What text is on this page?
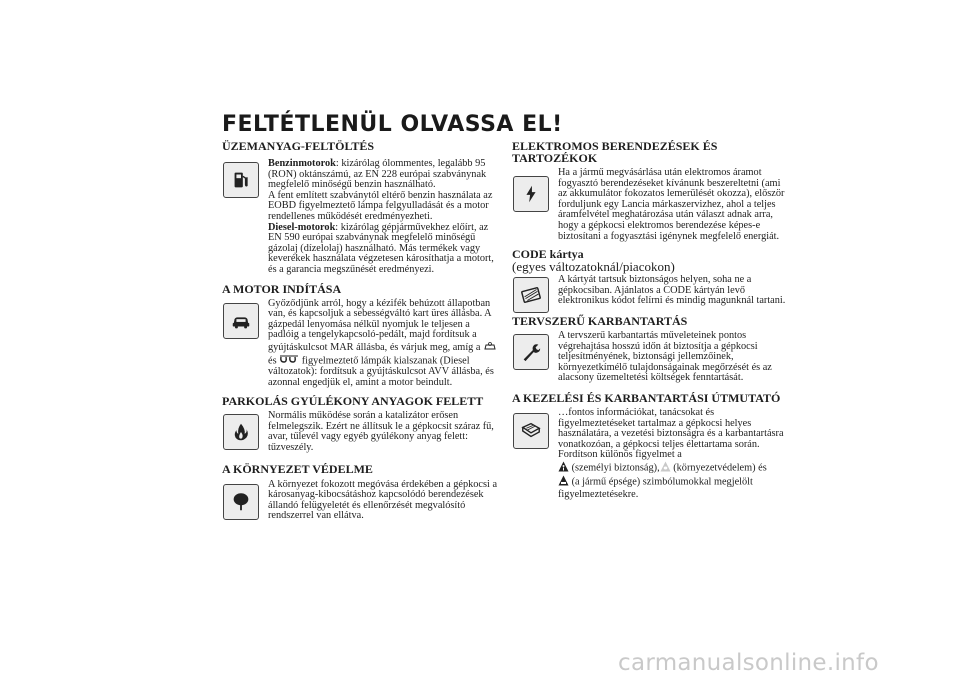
FELTÉTLENÜL OLVASSA EL!

ÜZEMANYAG-FELTÖLTÉS

Benzinmotorok: kizárólag ólommentes, legalább 95 (RON) oktánszámú, az EN 228 európai szabványnak megfelelő minőségű benzin használható.
A fent említett szabványtól eltérő benzin használata az EOBD figyelmeztető lámpa felgyulladását és a motor rendellenes működését eredményezheti.
Diesel-motorok: kizárólag gépjárművekhez előírt, az EN 590 európai szabványnak megfelelő minőségű gázolaj (dízelolaj) használható. Más termékek vagy keverékek használata végzetesen károsíthatja a motort, és a garancia megszűnését eredményezi.

A MOTOR INDÍTÁSA

Győződjünk arról, hogy a kézifék behúzott állapotban van, és kapcsoljuk a sebességváltó kart üres állásba. A gázpedál lenyomása nélkül nyomjuk le teljesen a padlóig a tengelykapcsoló-pedált, majd fordítsuk a gyújtáskulcsot MAR állásba, és várjuk meg, amíg a  és figyelmeztető lámpák kialszanak (Diesel változatok): fordítsuk a gyújtáskulcsot AVV állásba, és azonnal engedjük el, amint a motor beindult.

PARKOLÁS GYÚLÉKONY ANYAGOK FELETT

Normális működése során a katalizátor erősen felmelegszik. Ezért ne állítsuk le a gépkocsit száraz fű, avar, tűlevél vagy egyéb gyúlékony anyag felett: tűzveszély.

A KÖRNYEZET VÉDELME

A környezet fokozott megóvása érdekében a gépkocsi a károsanyag-kibocsátáshoz kapcsolódó berendezések állandó felügyeletét és ellenőrzését megvalósító rendszerrel van ellátva.

ELEKTROMOS BERENDEZÉSEK ÉS TARTOZÉKOK

Ha a jármű megvásárlása után elektromos áramot fogyasztó berendezéseket kívánunk beszereltetni (ami az akkumulátor fokozatos lemerülését okozza), először forduljunk egy Lancia márkaszervizhez, ahol a teljes áramfelvétel meghatározása után választ adnak arra, hogy a gépkocsi elektromos berendezése képes-e biztosítani a fogyasztási igénynek megfelelő energiát.

CODE kártya

(egyes változatoknál/piacokon)

A kártyát tartsuk biztonságos helyen, soha ne a gépkocsiban. Ajánlatos a CODE kártyán levő elektronikus kódot felírni és mindig magunknál tartani.

TERVSZERŰ KARBANTARTÁS

A tervszerű karbantartás műveleteinek pontos végrehajtása hosszú időn át biztosítja a gépkocsi teljesítményének, biztonsági jellemzőinek, környezetkímélő tulajdonságainak megőrzését és az alacsony üzemeltetési költségek fenntartását.

A KEZELÉSI ÉS KARBANTARTÁSI ÚTMUTATÓ

…fontos információkat, tanácsokat és figyelmeztetéseket tartalmaz a gépkocsi helyes használatára, a vezetési biztonságra és a karbantartásra vonatkozóan, a gépkocsi teljes élettartama során. Fordítson különös figyelmet a
(személyi biztonság), (környezetvédelem) és
(a jármű épsége) szimbólumokkal megjelölt figyelmeztetésekre.

carmanualsonline.info
